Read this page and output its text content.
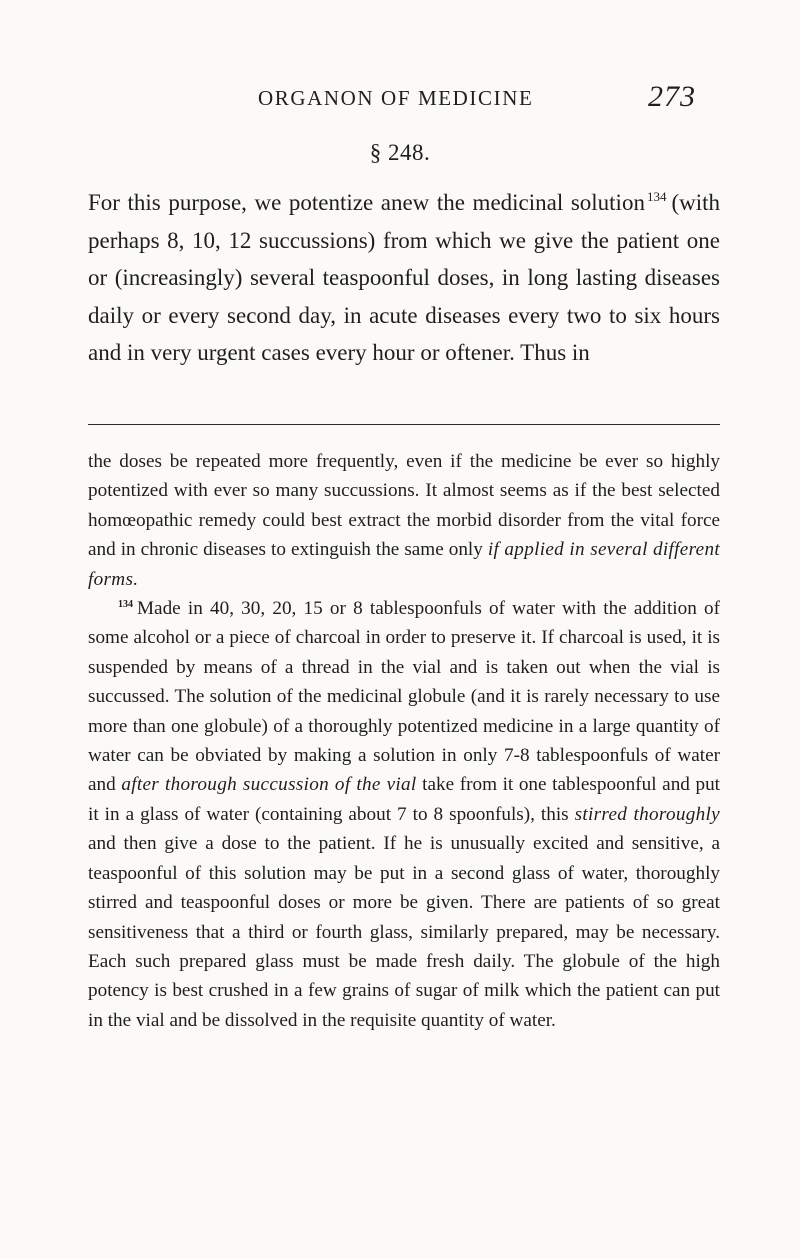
ORGANON OF MEDICINE	273
§ 248.

For this purpose, we potentize anew the medicinal solution $^{134}$ (with perhaps 8, 10, 12 succussions) from which we give the patient one or (increasingly) several teaspoonful doses, in long lasting diseases daily or every second day, in acute diseases every two to six hours and in very urgent cases every hour or oftener. Thus in

the doses be repeated more frequently, even if the medicine be ever so highly potentized with ever so many succussions. It almost seems as if the best selected homœopathic remedy could best extract the morbid disorder from the vital force and in chronic diseases to extinguish the same only if applied in several different forms.

$^{134}$ Made in 40, 30, 20, 15 or 8 tablespoonfuls of water with the addition of some alcohol or a piece of charcoal in order to preserve it. If charcoal is used, it is suspended by means of a thread in the vial and is taken out when the vial is succussed. The solution of the medicinal globule (and it is rarely necessary to use more than one globule) of a thoroughly potentized medicine in a large quantity of water can be obviated by making a solution in only 7-8 tablespoonfuls of water and after thorough succussion of the vial take from it one tablespoonful and put it in a glass of water (containing about 7 to 8 spoonfuls), this stirred thoroughly and then give a dose to the patient. If he is unusually excited and sensitive, a teaspoonful of this solution may be put in a second glass of water, thoroughly stirred and teaspoonful doses or more be given. There are patients of so great sensitiveness that a third or fourth glass, similarly prepared, may be necessary. Each such prepared glass must be made fresh daily. The globule of the high potency is best crushed in a few grains of sugar of milk which the patient can put in the vial and be dissolved in the requisite quantity of water.
